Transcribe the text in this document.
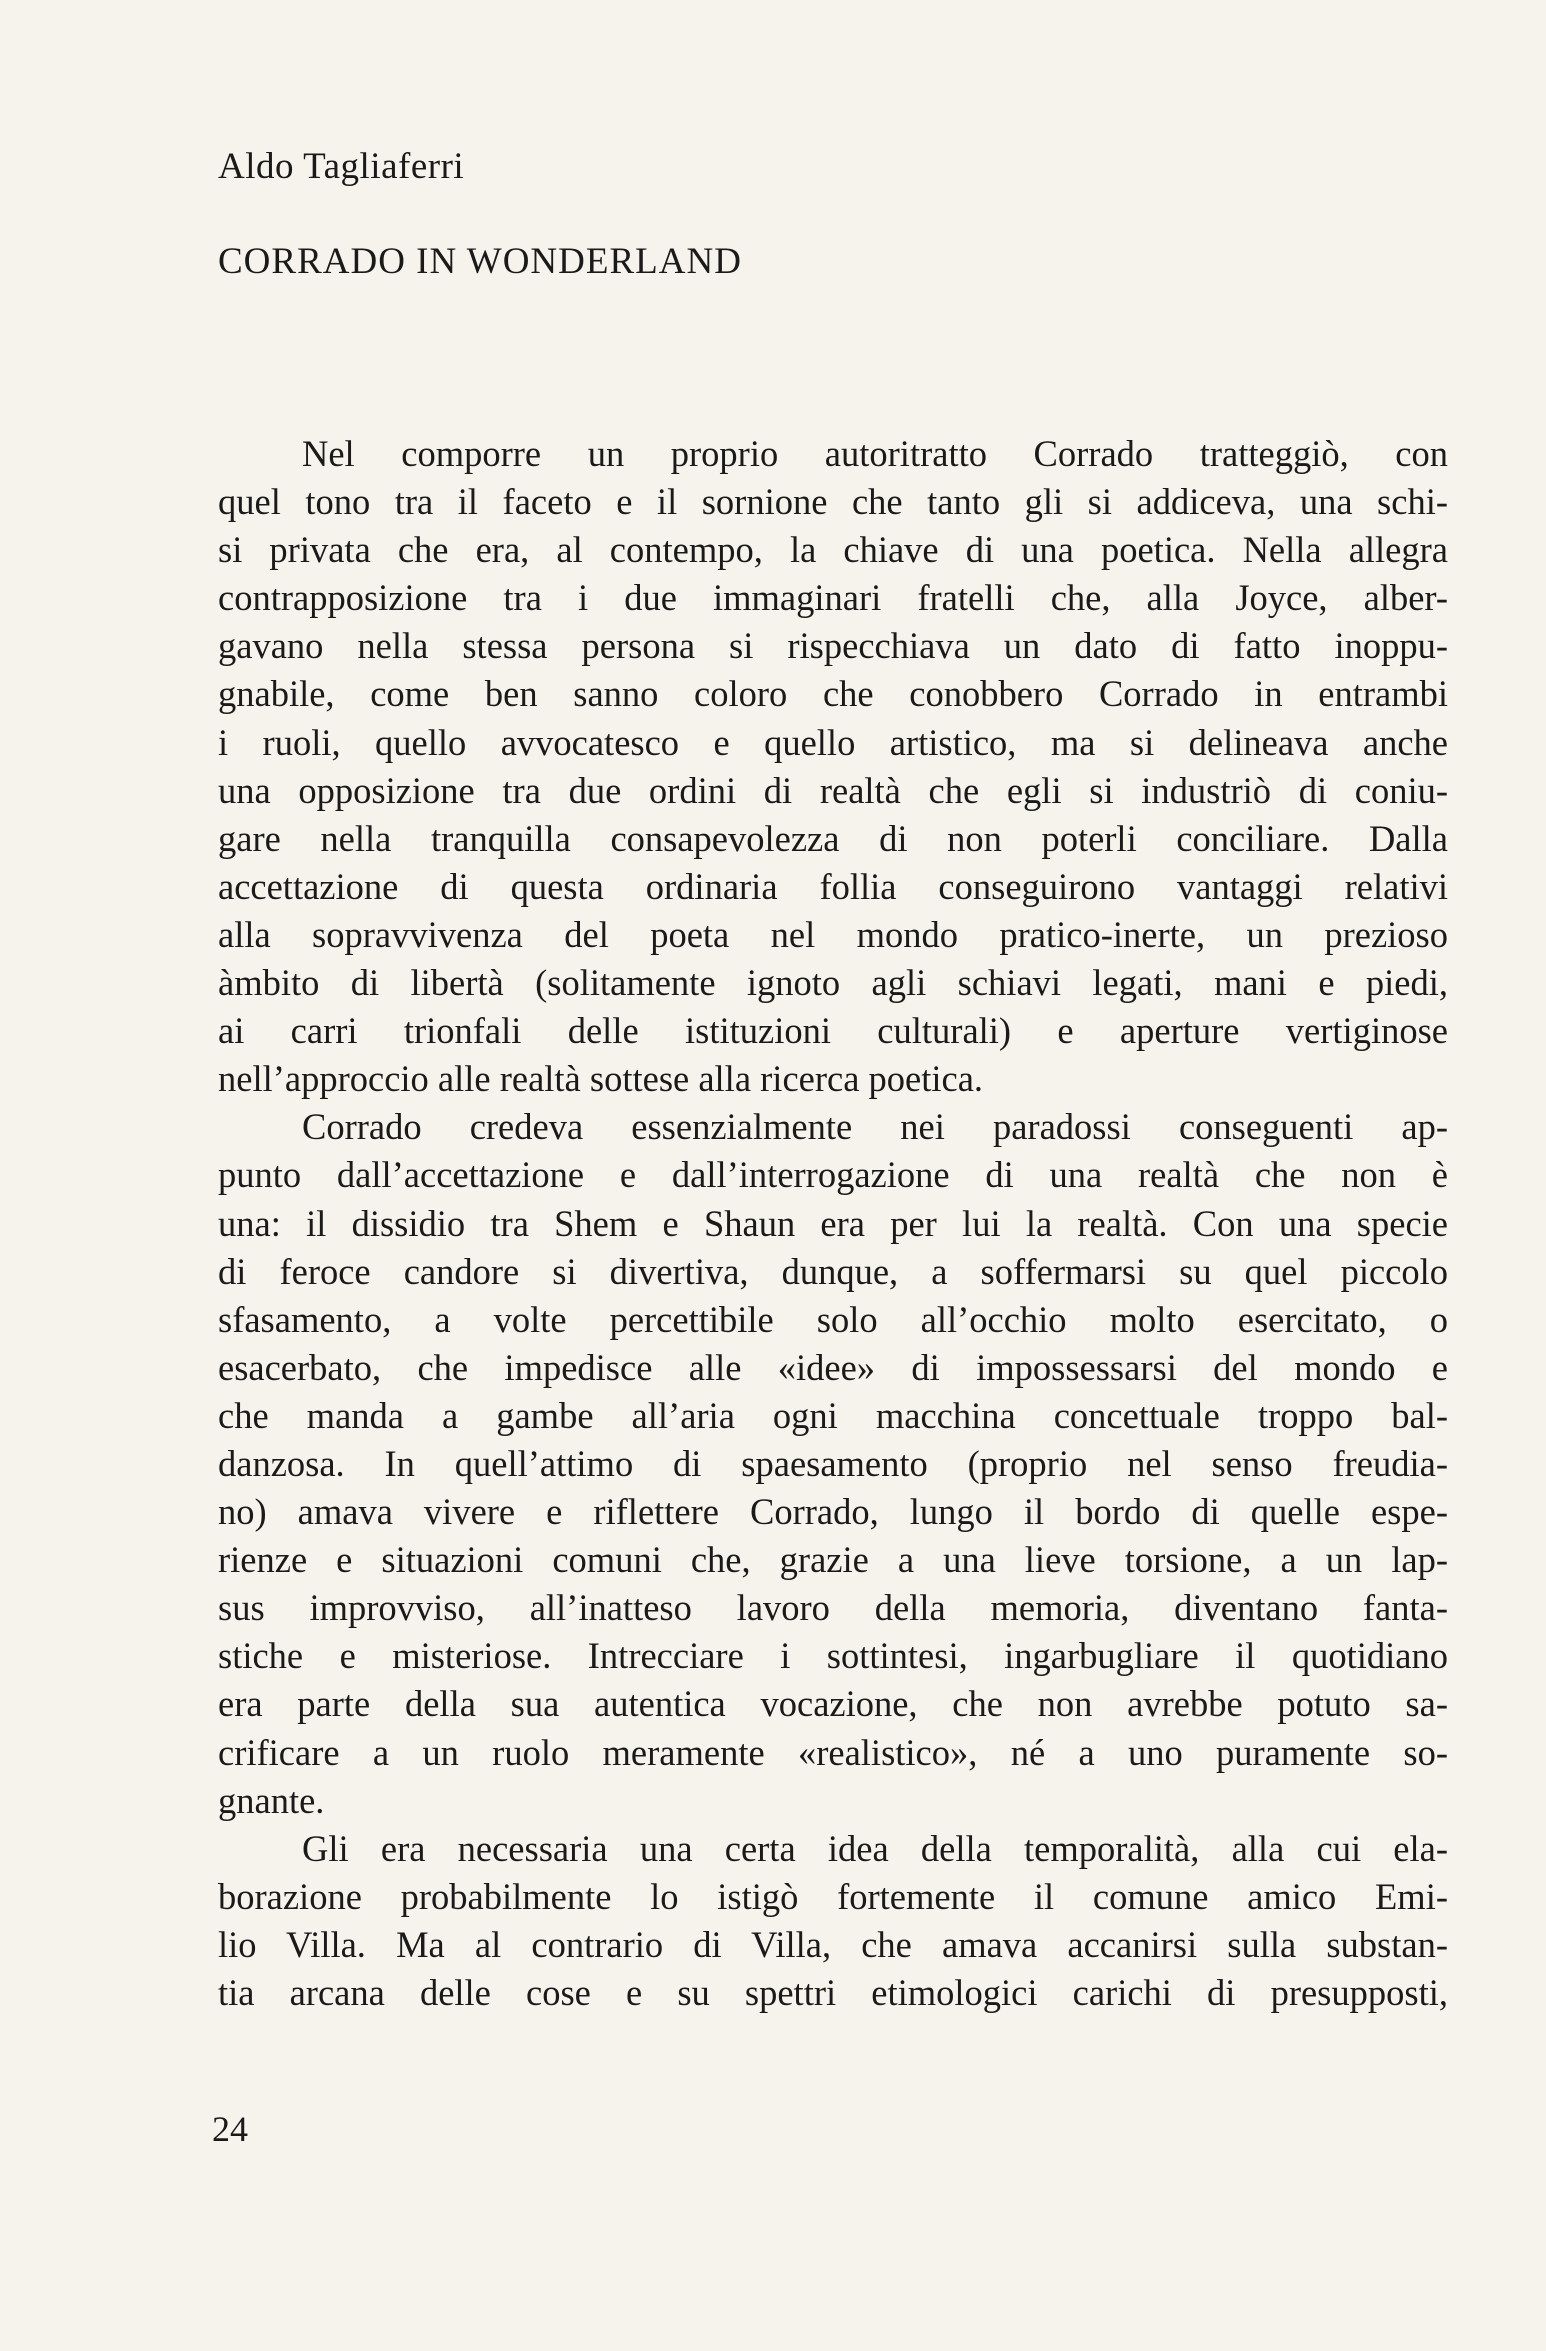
Aldo Tagliaferri
CORRADO IN WONDERLAND
Nel comporre un proprio autoritratto Corrado tratteggiò, con
quel tono tra il faceto e il sornione che tanto gli si addiceva, una schi-
si privata che era, al contempo, la chiave di una poetica. Nella allegra
contrapposizione tra i due immaginari fratelli che, alla Joyce, alber-
gavano nella stessa persona si rispecchiava un dato di fatto inoppu-
gnabile, come ben sanno coloro che conobbero Corrado in entrambi
i ruoli, quello avvocatesco e quello artistico, ma si delineava anche
una opposizione tra due ordini di realtà che egli si industriò di coniu-
gare nella tranquilla consapevolezza di non poterli conciliare. Dalla
accettazione di questa ordinaria follia conseguirono vantaggi relativi
alla sopravvivenza del poeta nel mondo pratico-inerte, un prezioso
àmbito di libertà (solitamente ignoto agli schiavi legati, mani e piedi,
ai carri trionfali delle istituzioni culturali) e aperture vertiginose
nell’approccio alle realtà sottese alla ricerca poetica.
Corrado credeva essenzialmente nei paradossi conseguenti ap-
punto dall’accettazione e dall’interrogazione di una realtà che non è
una: il dissidio tra Shem e Shaun era per lui la realtà. Con una specie
di feroce candore si divertiva, dunque, a soffermarsi su quel piccolo
sfasamento, a volte percettibile solo all’occhio molto esercitato, o
esacerbato, che impedisce alle «idee» di impossessarsi del mondo e
che manda a gambe all’aria ogni macchina concettuale troppo bal-
danzosa. In quell’attimo di spaesamento (proprio nel senso freudia-
no) amava vivere e riflettere Corrado, lungo il bordo di quelle espe-
rienze e situazioni comuni che, grazie a una lieve torsione, a un lap-
sus improvviso, all’inatteso lavoro della memoria, diventano fanta-
stiche e misteriose. Intrecciare i sottintesi, ingarbugliare il quotidiano
era parte della sua autentica vocazione, che non avrebbe potuto sa-
crificare a un ruolo meramente «realistico», né a uno puramente so-
gnante.
Gli era necessaria una certa idea della temporalità, alla cui ela-
borazione probabilmente lo istigò fortemente il comune amico Emi-
lio Villa. Ma al contrario di Villa, che amava accanirsi sulla substan-
tia arcana delle cose e su spettri etimologici carichi di presupposti,

24
